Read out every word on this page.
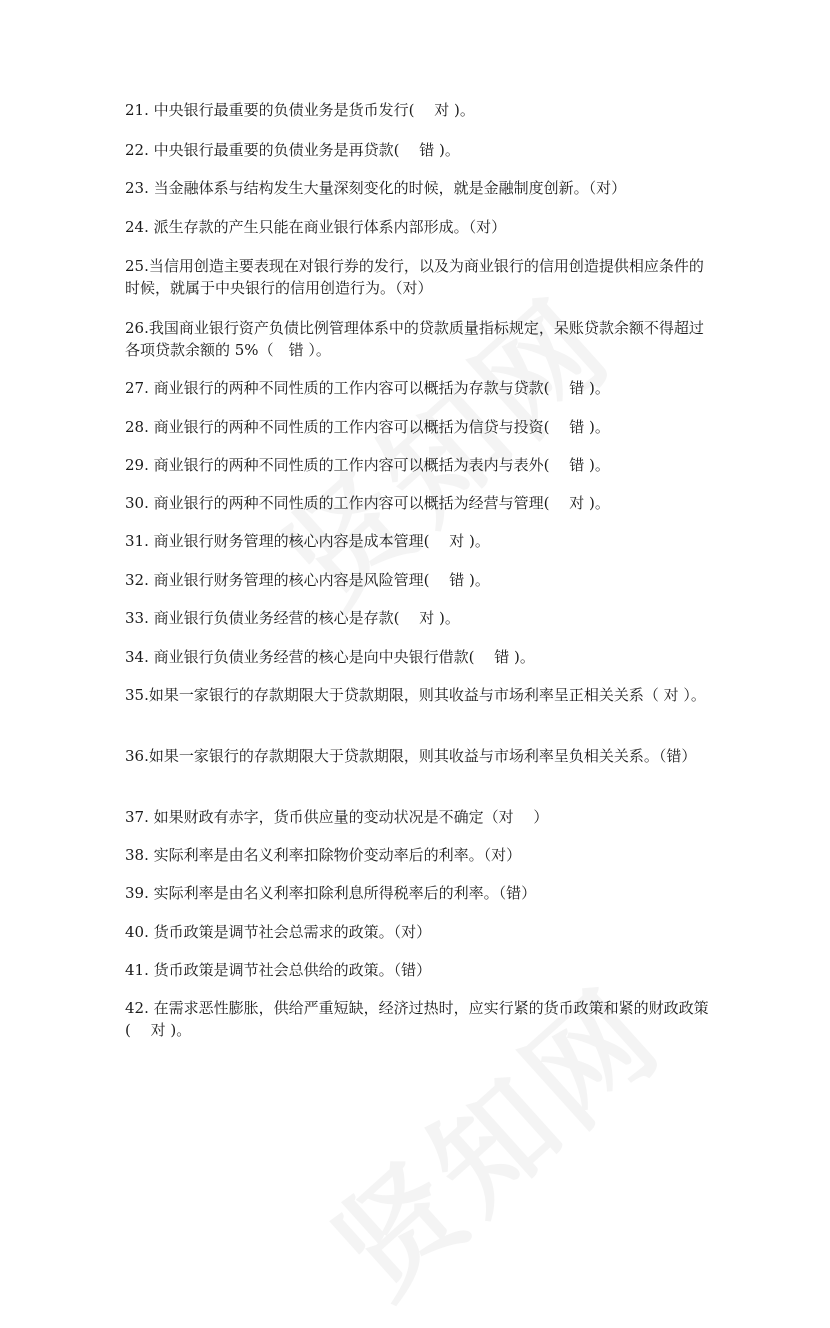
21. 中央银行最重要的负债业务是货币发行(　 对 )。

22. 中央银行最重要的负债业务是再贷款(　 错 )。

23. 当金融体系与结构发生大量深刻变化的时候，就是金融制度创新。（对）

24. 派生存款的产生只能在商业银行体系内部形成。（对）

25.当信用创造主要表现在对银行券的发行，以及为商业银行的信用创造提供相应条件的时候，就属于中央银行的信用创造行为。（对）

26.我国商业银行资产负债比例管理体系中的贷款质量指标规定，呆账贷款余额不得超过各项贷款余额的 5%（　错 ）。

27. 商业银行的两种不同性质的工作内容可以概括为存款与贷款( 　错 )。

28. 商业银行的两种不同性质的工作内容可以概括为信贷与投资( 　错 )。

29. 商业银行的两种不同性质的工作内容可以概括为表内与表外( 　错 )。

30. 商业银行的两种不同性质的工作内容可以概括为经营与管理( 　对 )。

31. 商业银行财务管理的核心内容是成本管理( 　对 )。

32. 商业银行财务管理的核心内容是风险管理( 　错 )。

33. 商业银行负债业务经营的核心是存款( 　对 )。

34. 商业银行负债业务经营的核心是向中央银行借款( 　错 )。

35.如果一家银行的存款期限大于贷款期限，则其收益与市场利率呈正相关关系（ 对 ）。

36.如果一家银行的存款期限大于贷款期限，则其收益与市场利率呈负相关关系。（错）

37. 如果财政有赤字，货币供应量的变动状况是不确定（对 　）

38. 实际利率是由名义利率扣除物价变动率后的利率。（对）

39. 实际利率是由名义利率扣除利息所得税率后的利率。（错）

40. 货币政策是调节社会总需求的政策。（对）

41. 货币政策是调节社会总供给的政策。（错）

42. 在需求恶性膨胀，供给严重短缺，经济过热时，应实行紧的货币政策和紧的财政政策( 　对 )。
